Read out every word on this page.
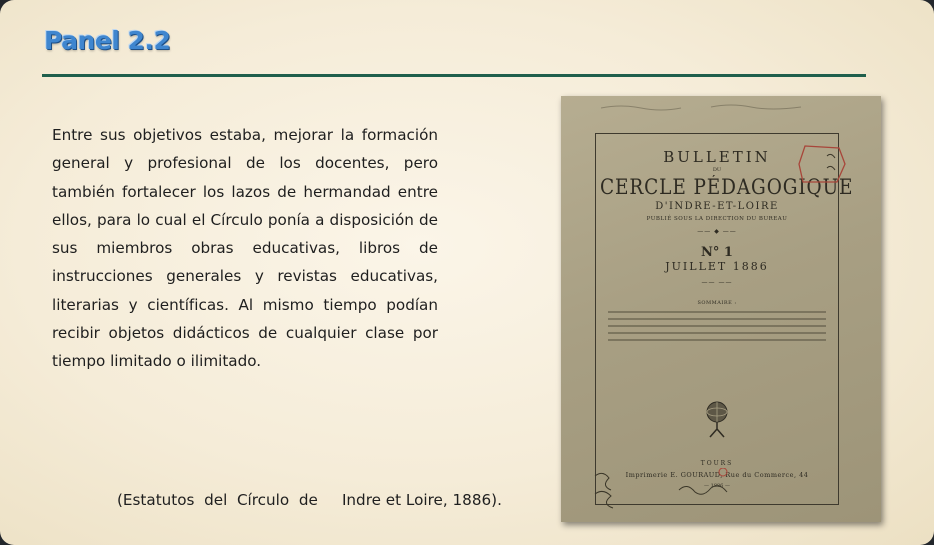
Panel 2.2

Entre sus objetivos estaba, mejorar la formación general y profesional de los docentes, pero también fortalecer los lazos de hermandad entre ellos, para lo cual el Círculo ponía a disposición de sus miembros obras educativas, libros de instrucciones generales y revistas educativas, literarias y científicas. Al mismo tiempo podían recibir objetos didácticos de cualquier clase por tiempo limitado o ilimitado.

(Estatutos  del  Círculo  de     Indre et Loire, 1886).
BULLETIN
DU
CERCLE PÉDAGOGIQUE
D'INDRE-ET-LOIRE
PUBLIÉ SOUS LA DIRECTION DU BUREAU
—— ◆ ——
N° 1
JUILLET 1886
—— ——
SOMMAIRE :
TOURS
Imprimerie E. GOURAUD, Rue du Commerce, 44
— 1886 —
